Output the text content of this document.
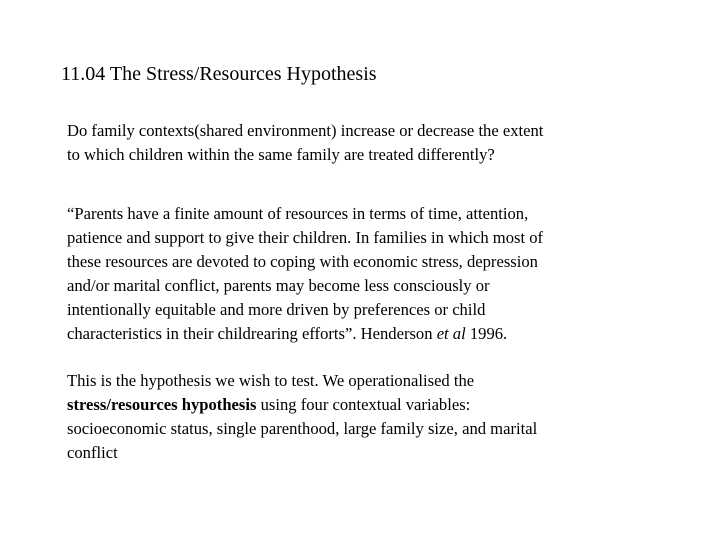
11.04 The Stress/Resources Hypothesis

Do family contexts(shared environment) increase or decrease the extent
to which children within the same family are treated differently?

“Parents have a finite amount of resources in terms of time, attention,
patience and support to give their children. In families in which most of
these resources are devoted to coping with economic stress, depression
and/or marital conflict, parents may become less consciously or
intentionally equitable and more driven by preferences or child
characteristics in their childrearing efforts”. Henderson et al 1996.

This is the hypothesis we wish to test. We operationalised the
stress/resources hypothesis using four contextual variables:
socioeconomic status, single parenthood, large family size, and marital
conflict
